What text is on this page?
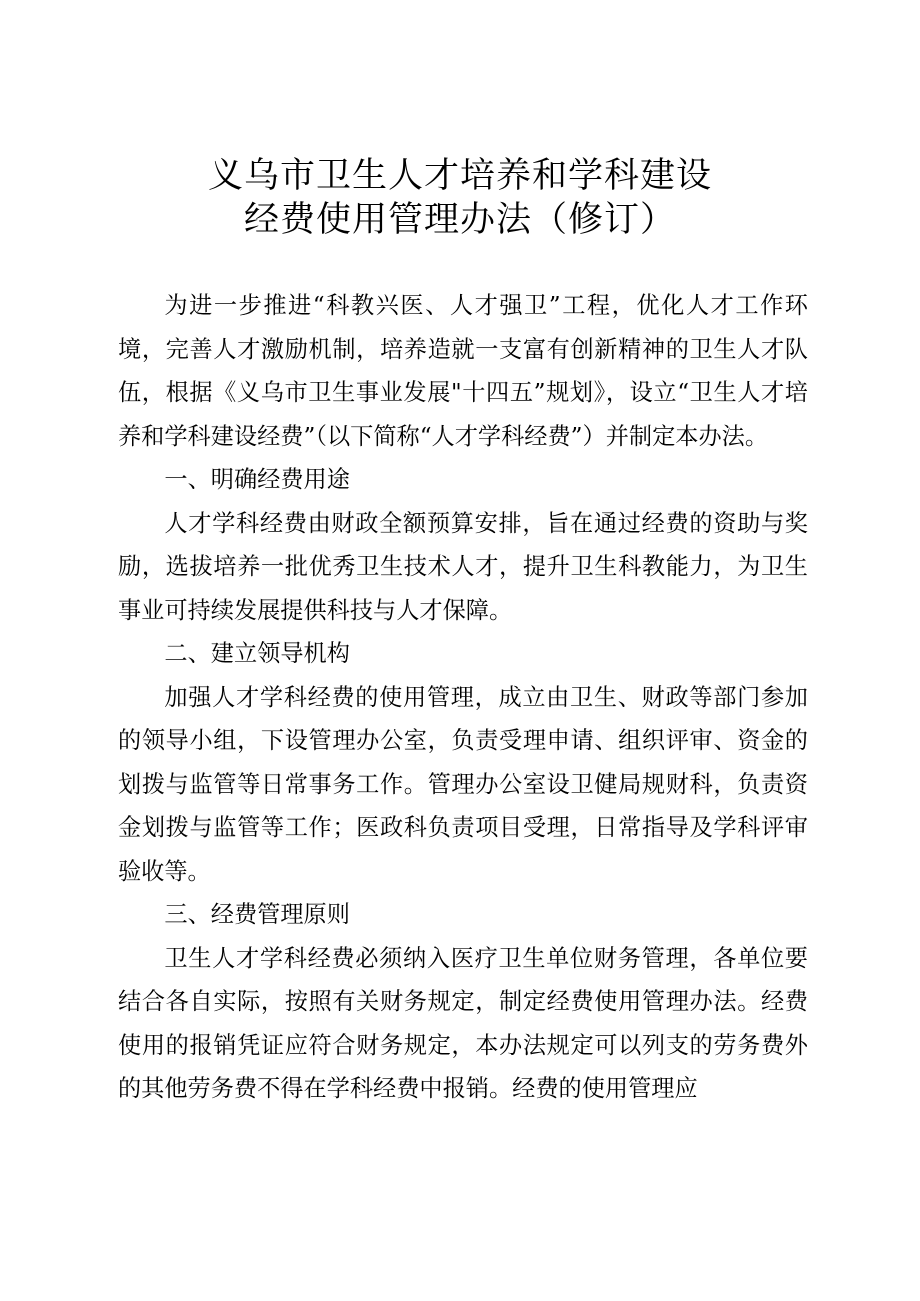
义乌市卫生人才培养和学科建设
经费使用管理办法（修订）

为进一步推进“科教兴医、人才强卫”工程，优化人才工作环境，完善人才激励机制，培养造就一支富有创新精神的卫生人才队伍，根据《义乌市卫生事业发展"十四五”规划》，设立“卫生人才培养和学科建设经费”（以下简称“人才学科经费”）并制定本办法。

一、明确经费用途

人才学科经费由财政全额预算安排，旨在通过经费的资助与奖励，选拔培养一批优秀卫生技术人才，提升卫生科教能力，为卫生事业可持续发展提供科技与人才保障。

二、建立领导机构

加强人才学科经费的使用管理，成立由卫生、财政等部门参加的领导小组，下设管理办公室，负责受理申请、组织评审、资金的划拨与监管等日常事务工作。管理办公室设卫健局规财科，负责资金划拨与监管等工作；医政科负责项目受理，日常指导及学科评审验收等。

三、经费管理原则

卫生人才学科经费必须纳入医疗卫生单位财务管理，各单位要结合各自实际，按照有关财务规定，制定经费使用管理办法。经费使用的报销凭证应符合财务规定，本办法规定可以列支的劳务费外的其他劳务费不得在学科经费中报销。经费的使用管理应
